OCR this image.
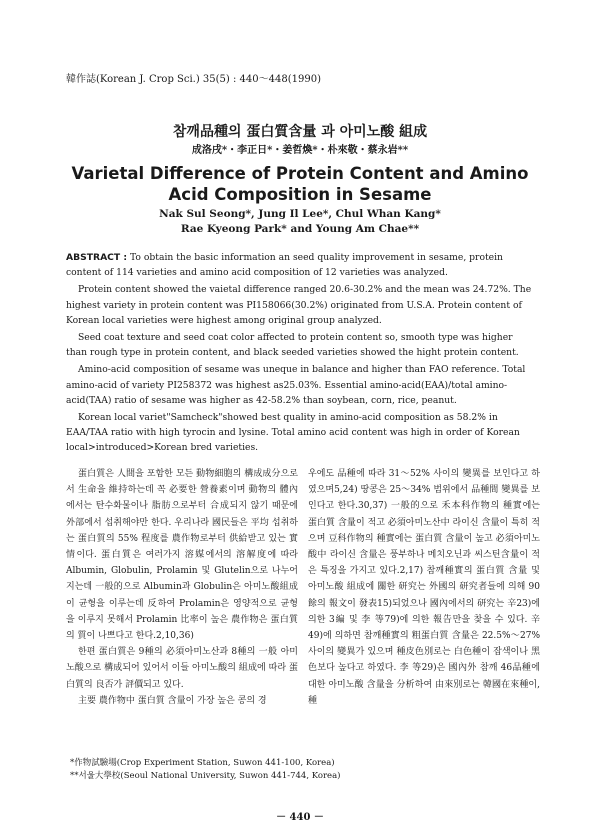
韓作誌(Korean J. Crop Sci.) 35(5) : 440～448(1990)
참깨品種의 蛋白質含量 과 아미노酸 組成
成洛戌*・李正日*・姜哲煥*・朴來敬・蔡永岩**
Varietal Difference of Protein Content and Amino
Acid Composition in Sesame
Nak Sul Seong*, Jung Il Lee*, Chul Whan Kang*
Rae Kyeong Park* and Young Am Chae**

ABSTRACT : To obtain the basic information an seed quality improvement in sesame, protein content of 114 varieties and amino acid composition of 12 varieties was analyzed.

Protein content showed the vaietal difference ranged 20.6-30.2% and the mean was 24.72%. The highest variety in protein content was PI158066(30.2%) originated from U.S.A. Protein content of Korean local varieties were highest among original group analyzed.

Seed coat texture and seed coat color affected to protein content so, smooth type was higher than rough type in protein content, and black seeded varieties showed the hight protein content.

Amino-acid composition of sesame was uneque in balance and higher than FAO reference. Total amino-acid of variety PI258372 was highest as25.03%. Essential amino-acid(EAA)/total amino-acid(TAA) ratio of sesame was higher as 42-58.2% than soybean, corn, rice, peanut.

Korean local variet"Samcheck"showed best quality in amino-acid composition as 58.2% in EAA/TAA ratio with high tyrocin and lysine. Total amino acid content was high in order of Korean local>introduced>Korean bred varieties.

蛋白質은 人間을 포함한 모든 動物細胞의 構成成分으로서 生命을 維持하는데 꼭 必要한 營養素이며 動物의 體內에서는 탄수화물이나 脂肪으로부터 合成되지 않기 때문에 外部에서 섭취해야만 한다. 우리나라 國民들은 平均 섭취하는 蛋白質의 55% 程度를 農作物로부터 供給받고 있는 實情이다. 蛋白質은 여러가지 溶媒에서의 溶解度에 따라 Albumin, Globulin, Prolamin 및 Glutelin으로 나누어지는데 一般的으로 Albumin과 Globulin은 아미노酸組成이 균형을 이루는데 反하여 Prolamin은 영양적으로 균형을 이루지 못해서 Prolamin 比率이 높은 農作物은 蛋白質의 質이 나쁘다고 한다.2,10,36)

한편 蛋白質은 9種의 必須아미노산과 8種의 一般 아미노酸으로 構成되어 있어서 이들 아미노酸의 組成에 따라 蛋白質의 良否가 評價되고 있다.

主要 農作物中 蛋白質 含量이 가장 높은 콩의 경

우에도 品種에 따라 31～52% 사이의 變異를 보인다고 하였으며5,24) 땅콩은 25～34% 범위에서 品種間 變異를 보인다고 한다.30,37) 一般的으로 禾本科作物의 種實에는 蛋白質 含量이 적고 必須아미노산中 라이신 含量이 특히 적으며 豆科作物의 種實에는 蛋白質 含量이 높고 必須아미노酸中 라이신 含量은 풍부하나 메치오닌과 씨스틴含量이 적은 특징을 가지고 있다.2,17) 참깨種實의 蛋白質 含量 및 아미노酸 組成에 關한 研究는 外國의 研究者들에 의해 90餘의 報文이 發表15)되었으나 國內에서의 研究는 辛23)에 의한 3編 및 李 等79)에 의한 報告만을 찾을 수 있다. 辛49)에 의하면 참깨種實의 粗蛋白質 含量은 22.5%～27% 사이의 變異가 있으며 種皮色別로는 白色種이 잡색이나 黑色보다 높다고 하였다. 李 等29)은 國內外 참깨 46品種에 대한 아미노酸 含量을 分析하여 由來別로는 韓國在來種이, 種

*作物試驗場(Crop Experiment Station, Suwon 441-100, Korea)
**서울大學校(Seoul National University, Suwon 441-744, Korea)
－ 440 －
